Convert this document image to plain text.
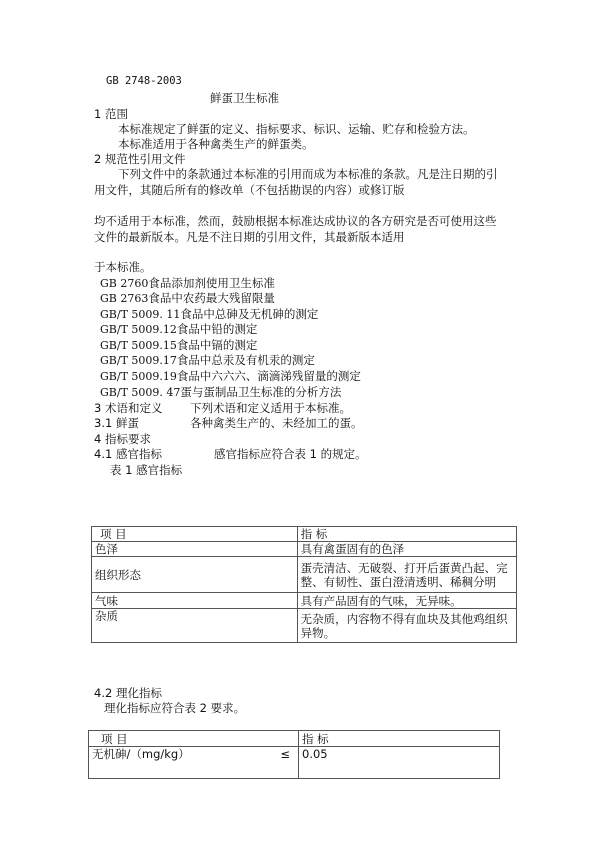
GB 2748-2003
鲜蛋卫生标准
1 范围
本标准规定了鲜蛋的定义、指标要求、标识、运输、贮存和检验方法。
本标准适用于各种禽类生产的鲜蛋类。
2 规范性引用文件
下列文件中的条款通过本标准的引用而成为本标准的条款。凡是注日期的引
用文件，其随后所有的修改单（不包括勘误的内容）或修订版
均不适用于本标准，然而，鼓励根据本标准达成协议的各方研究是否可使用这些
文件的最新版本。凡是不注日期的引用文件，其最新版本适用
于本标准。
GB 2760食品添加剂使用卫生标准
GB 2763食品中农药最大残留限量
GB/T 5009. 11食品中总砷及无机砷的测定
GB/T 5009.12食品中铅的测定
GB/T 5009.15食品中镉的测定
GB/T 5009.17食品中总汞及有机汞的测定
GB/T 5009.19食品中六六六、滴滴涕残留量的测定
GB/T 5009. 47蛋与蛋制品卫生标准的分析方法
3 术语和定义 下列术语和定义适用于本标准。
3.1 鲜蛋	各种禽类生产的、未经加工的蛋。
4 指标要求
4.1 感官指标	感官指标应符合表 1 的规定。
表 1 感官指标
项 目	指 标
色泽	具有禽蛋固有的色泽
组织形态	蛋壳清洁、无破裂、打开后蛋黄凸起、完整、有韧性、蛋白澄清透明、稀稠分明
气味	具有产品固有的气味，无异味。
杂质	无杂质，内容物不得有血块及其他鸡组织异物。
4.2 理化指标
理化指标应符合表 2 要求。
项 目		指 标
无机砷/（mg/kg）	≤	0.05
